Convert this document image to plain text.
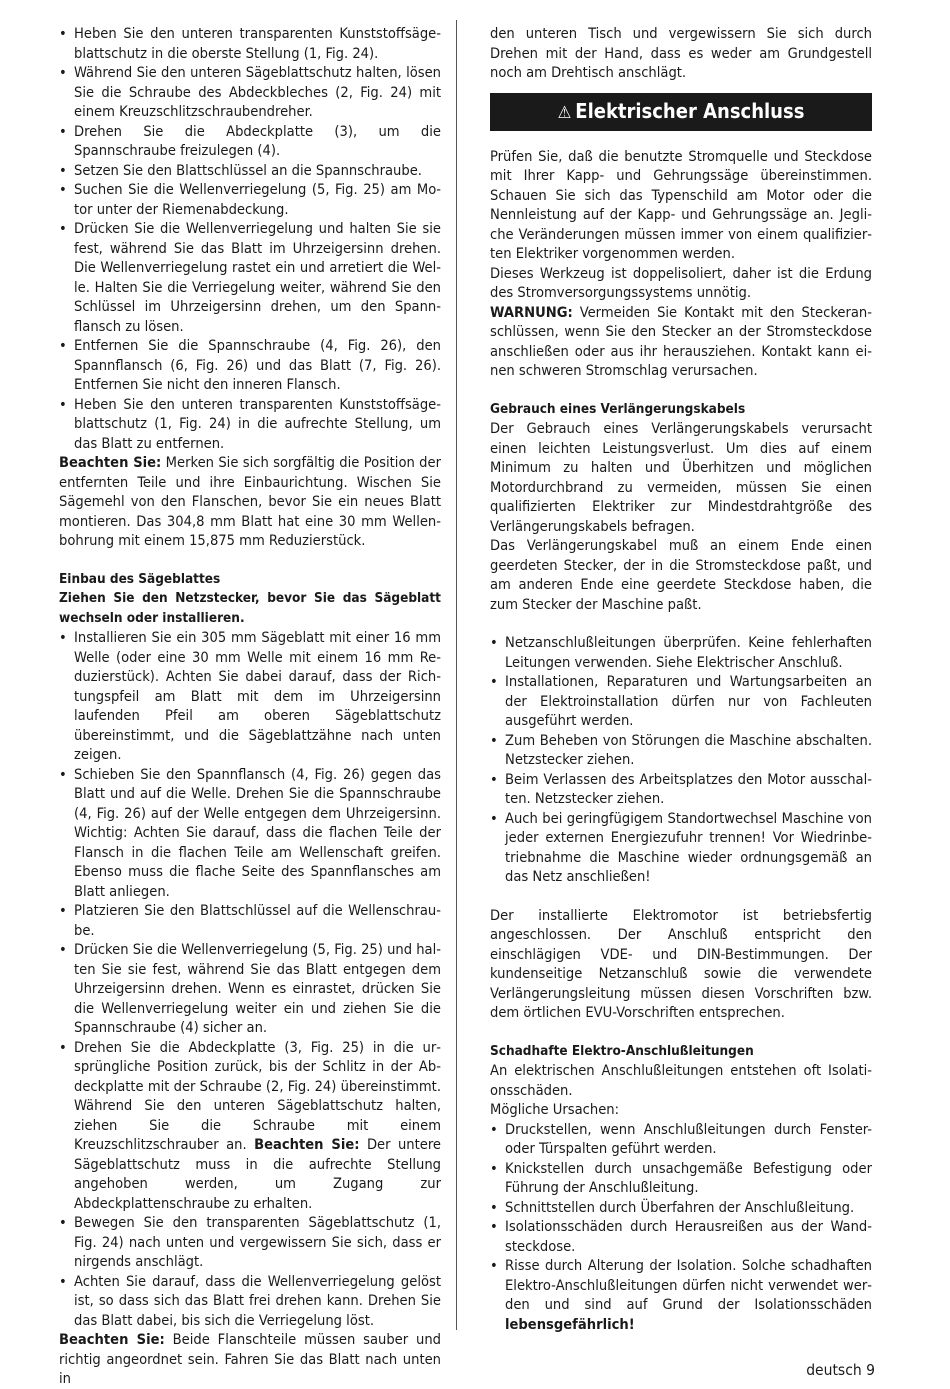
• Heben Sie den unteren transparenten Kunststoffsägeblattschutz in die oberste Stellung (1, Fig. 24).
• Während Sie den unteren Sägeblattschutz halten, lösen Sie die Schraube des Abdeckbleches (2, Fig. 24) mit einem Kreuzschlitzschraubendreher.
• Drehen Sie die Abdeckplatte (3), um die Spannschraube freizulegen (4).
• Setzen Sie den Blattschlüssel an die Spannschraube.
• Suchen Sie die Wellenverriegelung (5, Fig. 25) am Motor unter der Riemenabdeckung.
• Drücken Sie die Wellenverriegelung und halten Sie sie fest, während Sie das Blatt im Uhrzeigersinn drehen. Die Wellenverriegelung rastet ein und arretiert die Welle. Halten Sie die Verriegelung weiter, während Sie den Schlüssel im Uhrzeigersinn drehen, um den Spannflansch zu lösen.
• Entfernen Sie die Spannschraube (4, Fig. 26), den Spannflansch (6, Fig. 26) und das Blatt (7, Fig. 26). Entfernen Sie nicht den inneren Flansch.
• Heben Sie den unteren transparenten Kunststoffsägeblattschutz (1, Fig. 24) in die aufrechte Stellung, um das Blatt zu entfernen.

Beachten Sie: Merken Sie sich sorgfältig die Position der entfernten Teile und ihre Einbaurichtung. Wischen Sie Sägemehl von den Flanschen, bevor Sie ein neues Blatt montieren. Das 304,8 mm Blatt hat eine 30 mm Wellenbohrung mit einem 15,875 mm Reduzierstück.

Einbau des Sägeblattes

Ziehen Sie den Netzstecker, bevor Sie das Sägeblatt wechseln oder installieren.

• Installieren Sie ein 305 mm Sägeblatt mit einer 16 mm Welle (oder eine 30 mm Welle mit einem 16 mm Reduzierstück). Achten Sie dabei darauf, dass der Richtungspfeil am Blatt mit dem im Uhrzeigersinn laufenden Pfeil am oberen Sägeblattschutz übereinstimmt, und die Sägeblattzähne nach unten zeigen.
• Schieben Sie den Spannflansch (4, Fig. 26) gegen das Blatt und auf die Welle. Drehen Sie die Spannschraube (4, Fig. 26) auf der Welle entgegen dem Uhrzeigersinn. Wichtig: Achten Sie darauf, dass die flachen Teile der Flansch in die flachen Teile am Wellenschaft greifen. Ebenso muss die flache Seite des Spannflansches am Blatt anliegen.
• Platzieren Sie den Blattschlüssel auf die Wellenschraube.
• Drücken Sie die Wellenverriegelung (5, Fig. 25) und halten Sie sie fest, während Sie das Blatt entgegen dem Uhrzeigersinn drehen. Wenn es einrastet, drücken Sie die Wellenverriegelung weiter ein und ziehen Sie die Spannschraube (4) sicher an.
• Drehen Sie die Abdeckplatte (3, Fig. 25) in die ursprüngliche Position zurück, bis der Schlitz in der Abdeckplatte mit der Schraube (2, Fig. 24) übereinstimmt. Während Sie den unteren Sägeblattschutz halten, ziehen Sie die Schraube mit einem Kreuzschlitzschrauber an. Beachten Sie: Der untere Sägeblattschutz muss in die aufrechte Stellung angehoben werden, um Zugang zur Abdeckplattenschraube zu erhalten.
• Bewegen Sie den transparenten Sägeblattschutz (1, Fig. 24) nach unten und vergewissern Sie sich, dass er nirgends anschlägt.
• Achten Sie darauf, dass die Wellenverriegelung gelöst ist, so dass sich das Blatt frei drehen kann. Drehen Sie das Blatt dabei, bis sich die Verriegelung löst.

Beachten Sie: Beide Flanschteile müssen sauber und richtig angeordnet sein. Fahren Sie das Blatt nach unten in

den unteren Tisch und vergewissern Sie sich durch Drehen mit der Hand, dass es weder am Grundgestell noch am Drehtisch anschlägt.

⚠ Elektrischer Anschluss

Prüfen Sie, daß die benutzte Stromquelle und Steckdose mit Ihrer Kapp- und Gehrungssäge übereinstimmen. Schauen Sie sich das Typenschild am Motor oder die Nennleistung auf der Kapp- und Gehrungssäge an. Jegliche Veränderungen müssen immer von einem qualifizierten Elektriker vorgenommen werden.

Dieses Werkzeug ist doppelisoliert, daher ist die Erdung des Stromversorgungssystems unnötig.

WARNUNG: Vermeiden Sie Kontakt mit den Steckeranschlüssen, wenn Sie den Stecker an der Stromsteckdose anschließen oder aus ihr herausziehen. Kontakt kann einen schweren Stromschlag verursachen.

Gebrauch eines Verlängerungskabels

Der Gebrauch eines Verlängerungskabels verursacht einen leichten Leistungsverlust. Um dies auf einem Minimum zu halten und Überhitzen und möglichen Motordurchbrand zu vermeiden, müssen Sie einen qualifizierten Elektriker zur Mindestdrahtgröße des Verlängerungskabels befragen.

Das Verlängerungskabel muß an einem Ende einen geerdeten Stecker, der in die Stromsteckdose paßt, und am anderen Ende eine geerdete Steckdose haben, die zum Stecker der Maschine paßt.

• Netzanschlußleitungen überprüfen. Keine fehlerhaften Leitungen verwenden. Siehe Elektrischer Anschluß.
• Installationen, Reparaturen und Wartungsarbeiten an der Elektroinstallation dürfen nur von Fachleuten ausgeführt werden.
• Zum Beheben von Störungen die Maschine abschalten. Netzstecker ziehen.
• Beim Verlassen des Arbeitsplatzes den Motor ausschalten. Netzstecker ziehen.
• Auch bei geringfügigem Standortwechsel Maschine von jeder externen Energiezufuhr trennen! Vor Wiedrinbetriebnahme die Maschine wieder ordnungsgemäß an das Netz anschließen!

Der installierte Elektromotor ist betriebsfertig angeschlossen. Der Anschluß entspricht den einschlägigen VDE- und DIN-Bestimmungen. Der kundenseitige Netzanschluß sowie die verwendete Verlängerungsleitung müssen diesen Vorschriften bzw. dem örtlichen EVU-Vorschriften entsprechen.

Schadhafte Elektro-Anschlußleitungen

An elektrischen Anschlußleitungen entstehen oft Isolationsschäden.

Mögliche Ursachen:

• Druckstellen, wenn Anschlußleitungen durch Fenster- oder Türspalten geführt werden.
• Knickstellen durch unsachgemäße Befestigung oder Führung der Anschlußleitung.
• Schnittstellen durch Überfahren der Anschlußleitung.
• Isolationsschäden durch Herausreißen aus der Wandsteckdose.
• Risse durch Alterung der Isolation. Solche schadhaften Elektro-Anschlußleitungen dürfen nicht verwendet werden und sind auf Grund der Isolationsschäden lebensgefährlich!
deutsch 9
